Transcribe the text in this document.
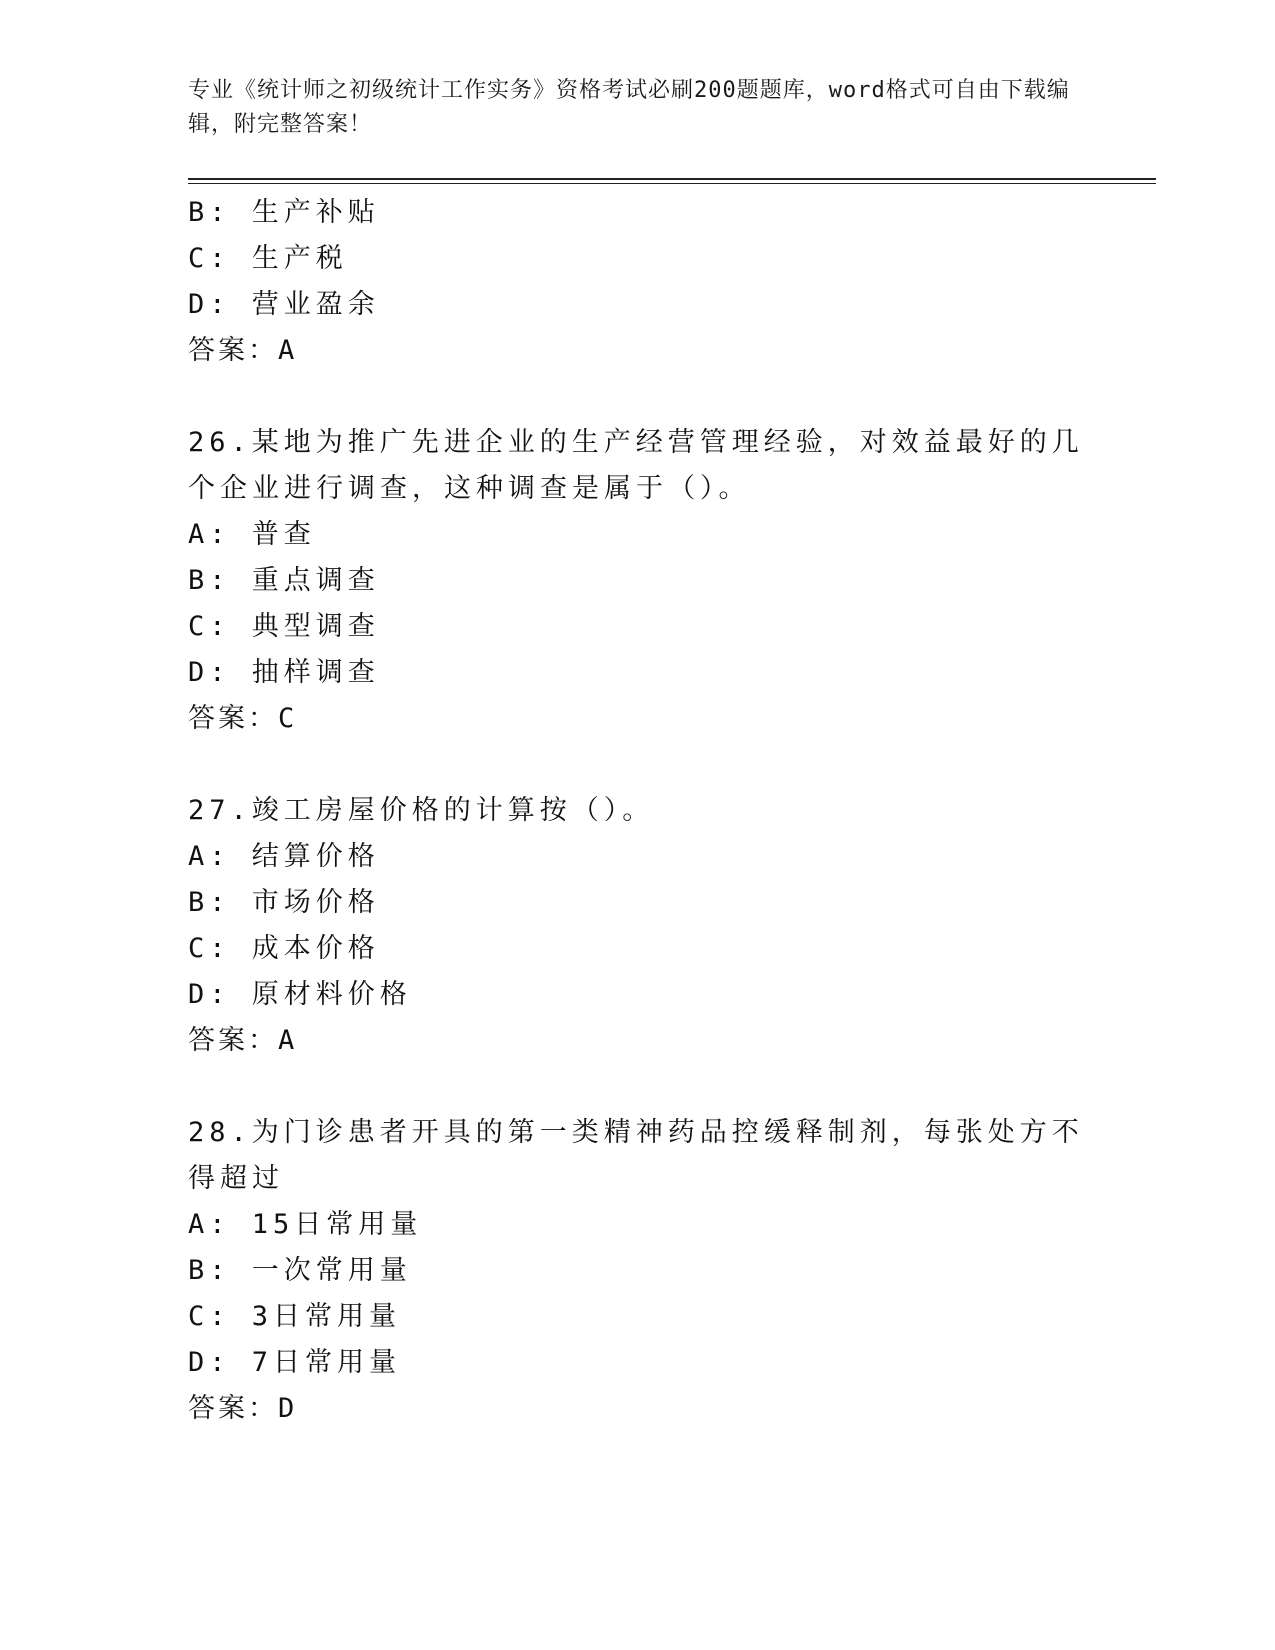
专业《统计师之初级统计工作实务》资格考试必刷200题题库，word格式可自由下载编辑，附完整答案！
B: 生产补贴
C: 生产税
D: 营业盈余
答案：A
26.某地为推广先进企业的生产经营管理经验，对效益最好的几个企业进行调查，这种调查是属于（）。
A: 普查
B: 重点调查
C: 典型调查
D: 抽样调查
答案：C
27.竣工房屋价格的计算按（）。
A: 结算价格
B: 市场价格
C: 成本价格
D: 原材料价格
答案：A
28.为门诊患者开具的第一类精神药品控缓释制剂，每张处方不得超过
A: 15日常用量
B: 一次常用量
C: 3日常用量
D: 7日常用量
答案：D
